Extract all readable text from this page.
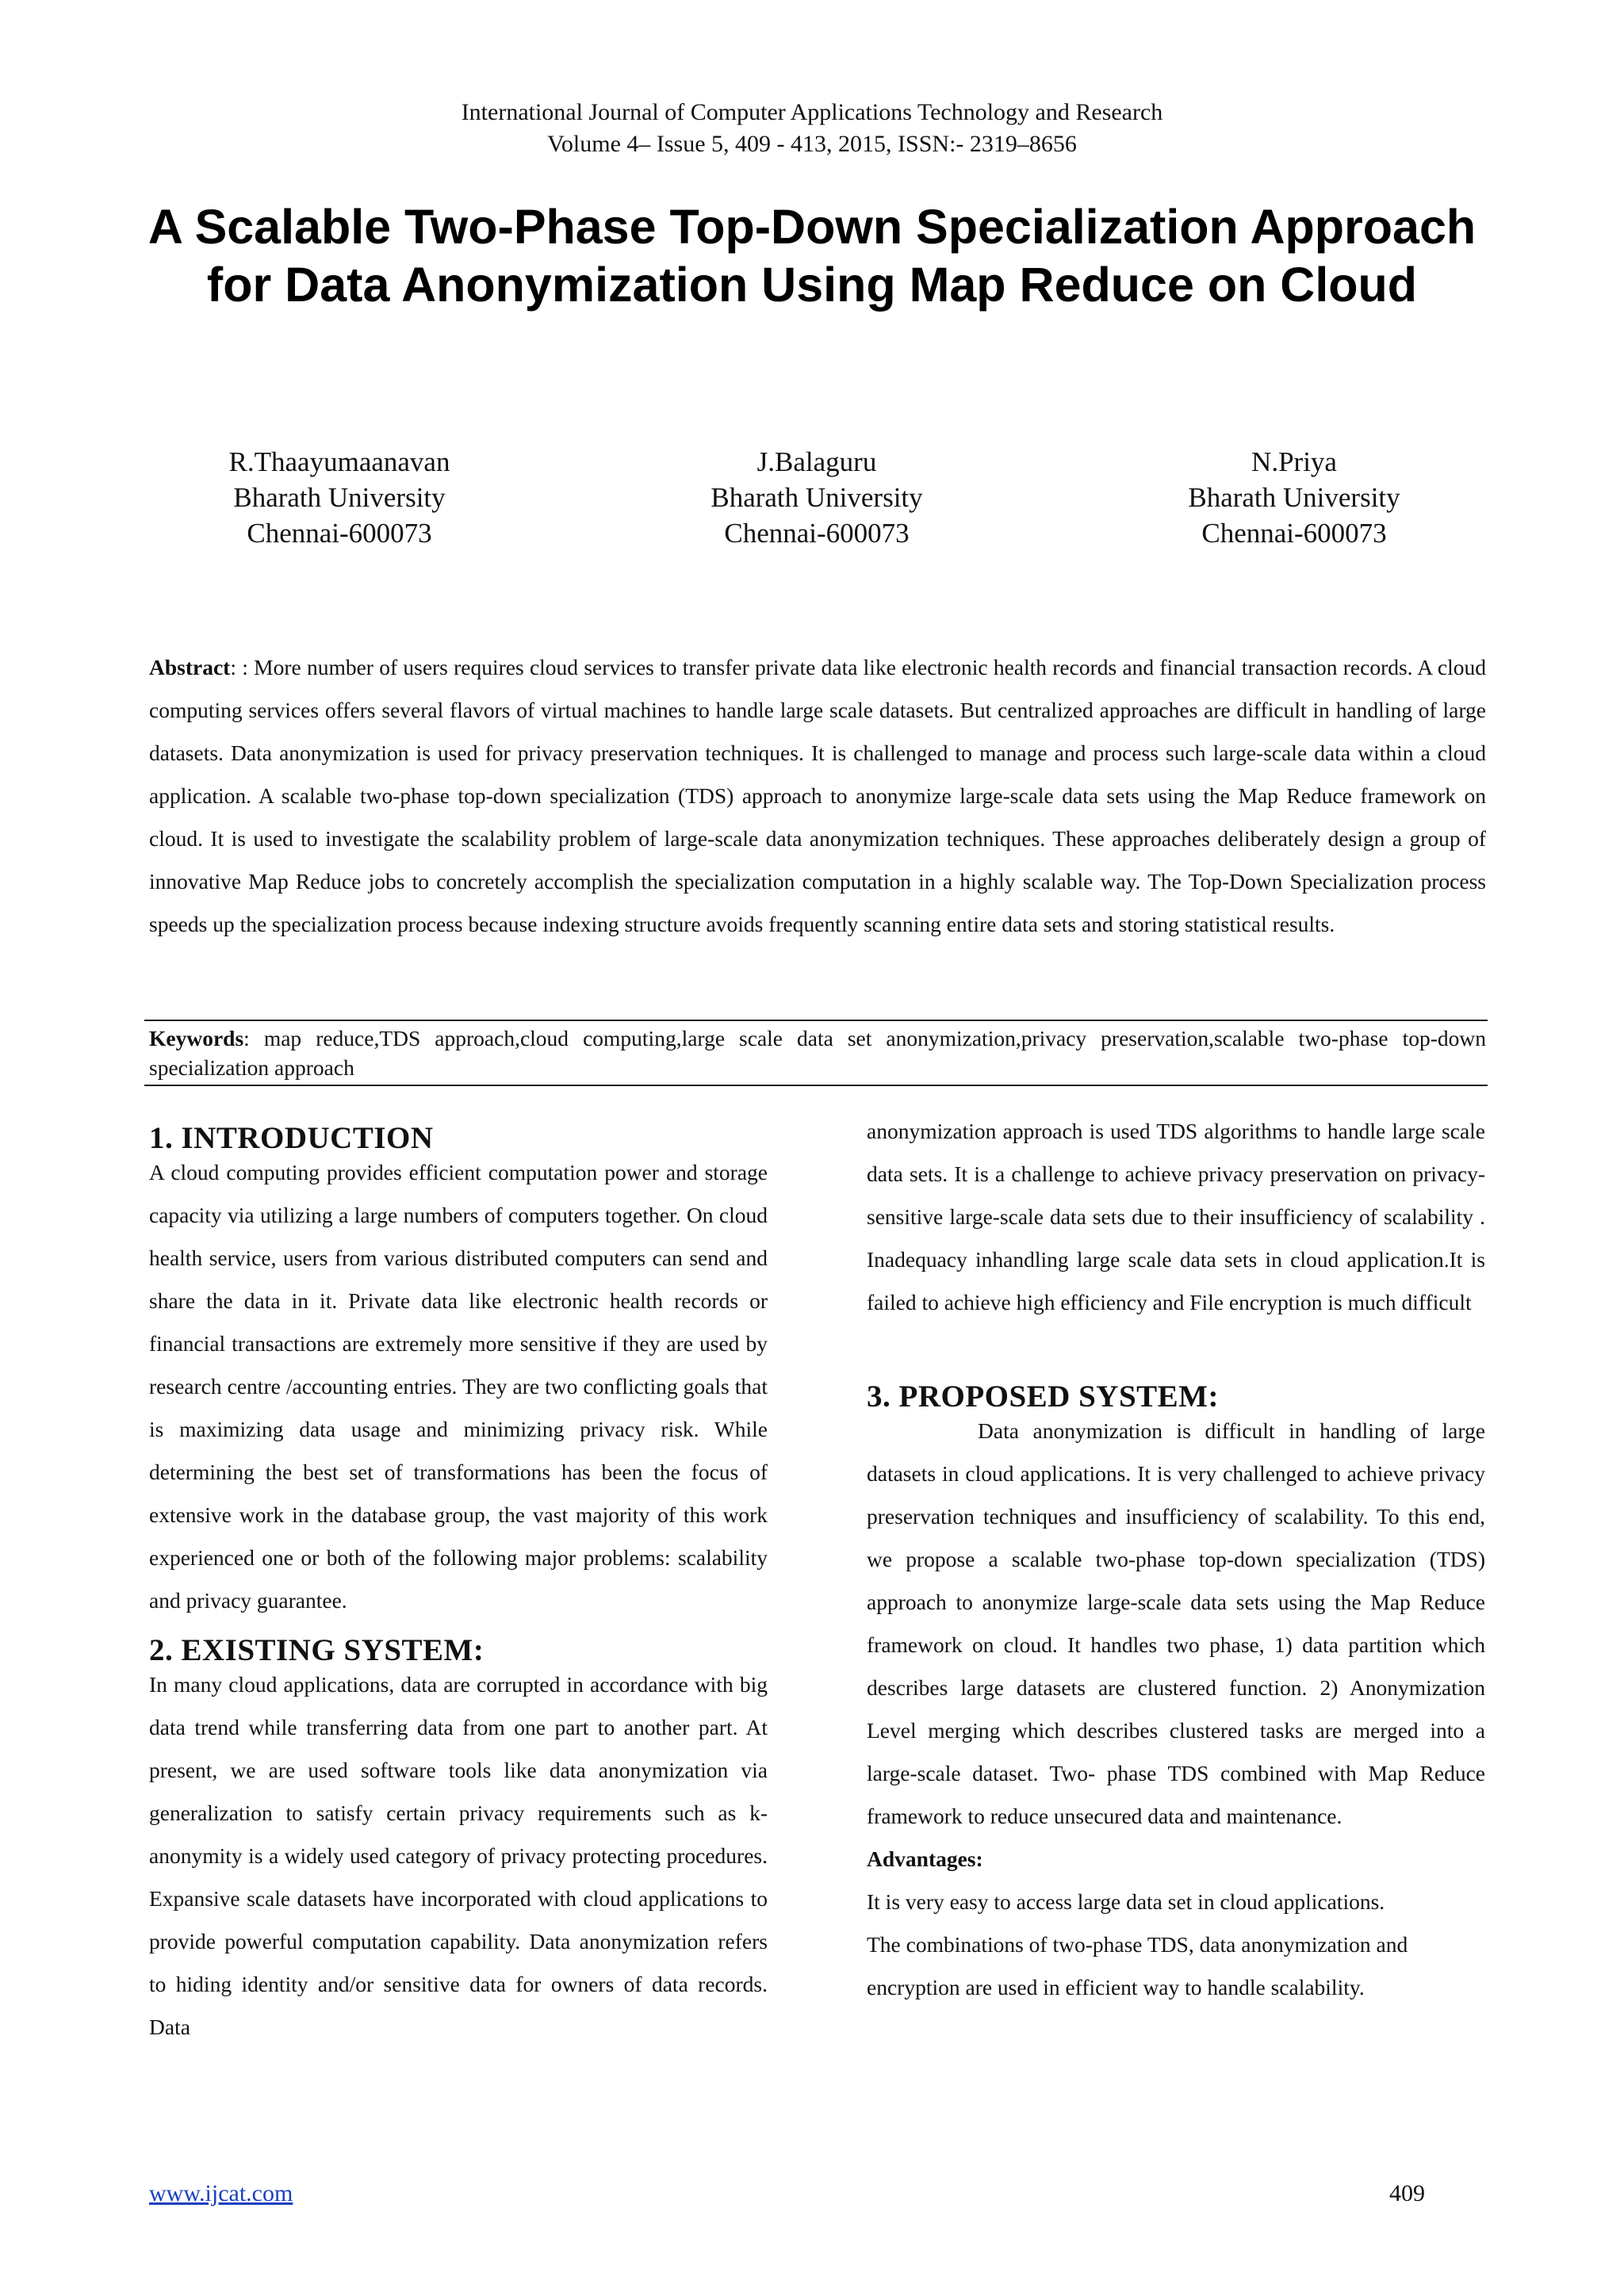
International Journal of Computer Applications Technology and Research
Volume 4– Issue 5, 409 - 413, 2015, ISSN:- 2319–8656
A Scalable Two-Phase Top-Down Specialization Approach for Data Anonymization Using Map Reduce on Cloud
R.Thaayumaanavan
Bharath University
Chennai-600073
J.Balaguru
Bharath University
Chennai-600073
N.Priya
Bharath University
Chennai-600073
Abstract: : More number of users requires cloud services to transfer private data like electronic health records and financial transaction records. A cloud computing services offers several flavors of virtual machines to handle large scale datasets. But centralized approaches are difficult in handling of large datasets. Data anonymization is used for privacy preservation techniques. It is challenged to manage and process such large-scale data within a cloud application. A scalable two-phase top-down specialization (TDS) approach to anonymize large-scale data sets using the Map Reduce framework on cloud. It is used to investigate the scalability problem of large-scale data anonymization techniques. These approaches deliberately design a group of innovative Map Reduce jobs to concretely accomplish the specialization computation in a highly scalable way. The Top-Down Specialization process speeds up the specialization process because indexing structure avoids frequently scanning entire data sets and storing statistical results.
Keywords: map reduce,TDS approach,cloud computing,large scale data set anonymization,privacy preservation,scalable two-phase top-down specialization approach

1. INTRODUCTION

A cloud computing provides efficient computation power and storage capacity via utilizing a large numbers of computers together. On cloud health service, users from various distributed computers can send and share the data in it. Private data like electronic health records or financial transactions are extremely more sensitive if they are used by research centre /accounting entries. They are two conflicting goals that is maximizing data usage and minimizing privacy risk. While determining the best set of transformations has been the focus of extensive work in the database group, the vast majority of this work experienced one or both of the following major problems: scalability and privacy guarantee.

2. EXISTING SYSTEM:

In many cloud applications, data are corrupted in accordance with big data trend while transferring data from one part to another part. At present, we are used software tools like data anonymization via generalization to satisfy certain privacy requirements such as k-anonymity is a widely used category of privacy protecting procedures. Expansive scale datasets have incorporated with cloud applications to provide powerful computation capability. Data anonymization refers to hiding identity and/or sensitive data for owners of data records. Data

anonymization approach is used TDS algorithms to handle large scale data sets. It is a challenge to achieve privacy preservation on privacy-sensitive large-scale data sets due to their insufficiency of scalability . Inadequacy inhandling large scale data sets in cloud application.It is failed to achieve high efficiency and File encryption is much difficult

3. PROPOSED SYSTEM:

Data anonymization is difficult in handling of large datasets in cloud applications. It is very challenged to achieve privacy preservation techniques and insufficiency of scalability. To this end, we propose a scalable two-phase top-down specialization (TDS) approach to anonymize large-scale data sets using the Map Reduce framework on cloud. It handles two phase, 1) data partition which describes large datasets are clustered function. 2) Anonymization Level merging which describes clustered tasks are merged into a large-scale dataset. Two- phase TDS combined with Map Reduce framework to reduce unsecured data and maintenance.

Advantages:

It is very easy to access large data set in cloud applications.

The combinations of two-phase TDS, data anonymization and encryption are used in efficient way to handle scalability.

www.ijcat.com	409
